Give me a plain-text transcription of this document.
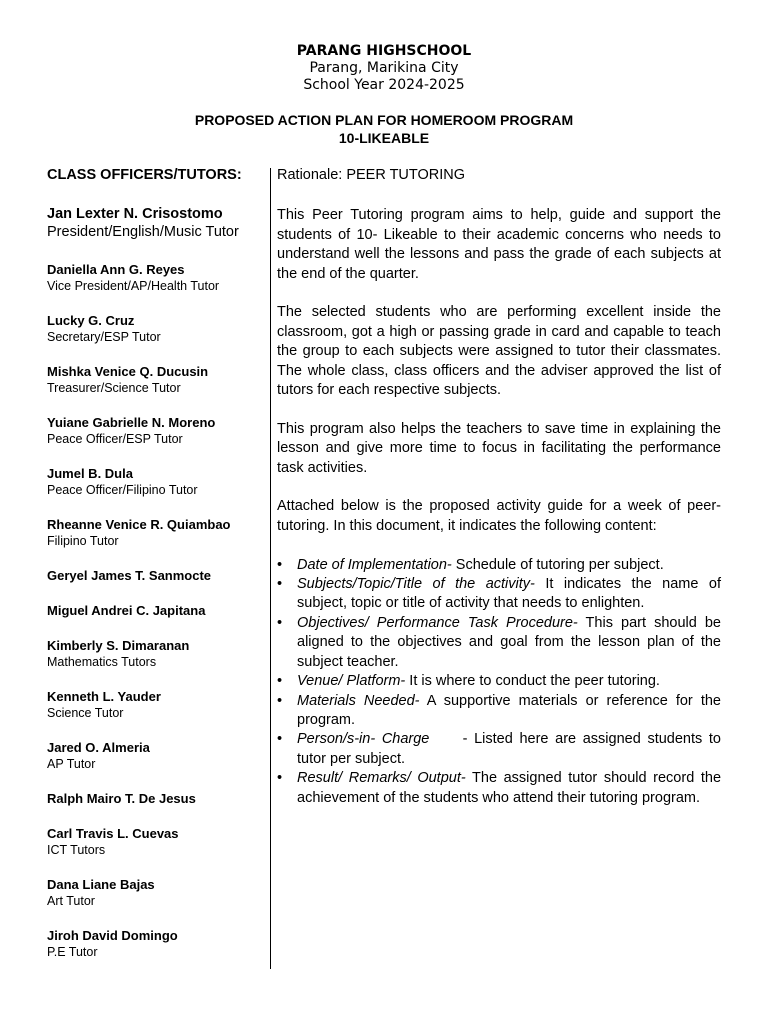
PARANG HIGHSCHOOL
Parang, Marikina City
School Year 2024-2025
PROPOSED ACTION PLAN FOR HOMEROOM PROGRAM
10-LIKEABLE
CLASS OFFICERS/TUTORS:
Jan Lexter N. Crisostomo
President/English/Music Tutor
Daniella Ann G. Reyes
Vice President/AP/Health Tutor
Lucky G. Cruz
Secretary/ESP Tutor
Mishka Venice Q. Ducusin
Treasurer/Science Tutor
Yuiane Gabrielle N. Moreno
Peace Officer/ESP Tutor
Jumel B. Dula
Peace Officer/Filipino Tutor
Rheanne Venice R. Quiambao
Filipino Tutor
Geryel James T. Sanmocte
Miguel Andrei C. Japitana
Kimberly S. Dimaranan
Mathematics Tutors
Kenneth L. Yauder
Science Tutor
Jared O. Almeria
AP Tutor
Ralph Mairo T. De Jesus
Carl Travis L. Cuevas
ICT Tutors
Dana Liane Bajas
Art Tutor
Jiroh David Domingo
P.E Tutor
Rationale: PEER TUTORING

This Peer Tutoring program aims to help, guide and support the students of 10- Likeable to their academic concerns who needs to understand well the lessons and pass the grade of each subjects at the end of the quarter.

The selected students who are performing excellent inside the classroom, got a high or passing grade in card and capable to teach the group to each subjects were assigned to tutor their classmates. The whole class, class officers and the adviser approved the list of tutors for each respective subjects.

This program also helps the teachers to save time in explaining the lesson and give more time to focus in facilitating the performance task activities.

Attached below is the proposed activity guide for a week of peer-tutoring. In this document, it indicates the following content:

• Date of Implementation- Schedule of tutoring per subject.
• Subjects/Topic/Title of the activity- It indicates the name of subject, topic or title of activity that needs to enlighten.
• Objectives/ Performance Task Procedure- This part should be aligned to the objectives and goal from the lesson plan of the subject teacher.
• Venue/ Platform- It is where to conduct the peer tutoring.
• Materials Needed- A supportive materials or reference for the program.
• Person/s-in- Charge     - Listed here are assigned students to tutor per subject.
• Result/ Remarks/ Output- The assigned tutor should record the achievement of the students who attend their tutoring program.
